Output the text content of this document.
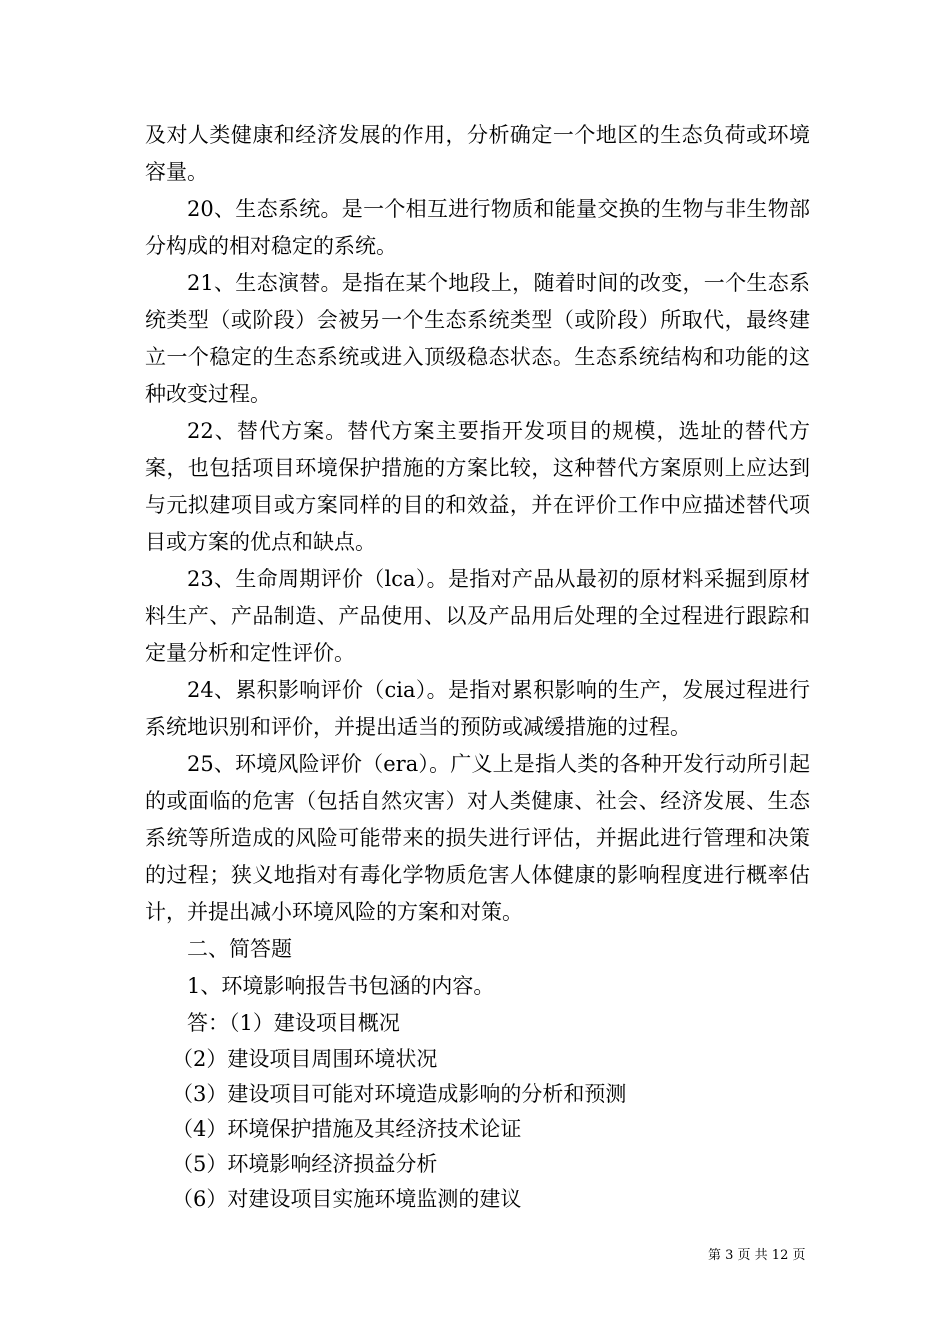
及对人类健康和经济发展的作用，分析确定一个地区的生态负荷或环境容量。

20、生态系统。是一个相互进行物质和能量交换的生物与非生物部分构成的相对稳定的系统。

21、生态演替。是指在某个地段上，随着时间的改变，一个生态系统类型（或阶段）会被另一个生态系统类型（或阶段）所取代，最终建立一个稳定的生态系统或进入顶级稳态状态。生态系统结构和功能的这种改变过程。

22、替代方案。替代方案主要指开发项目的规模，选址的替代方案，也包括项目环境保护措施的方案比较，这种替代方案原则上应达到与元拟建项目或方案同样的目的和效益，并在评价工作中应描述替代项目或方案的优点和缺点。

23、生命周期评价（lca）。是指对产品从最初的原材料采掘到原材料生产、产品制造、产品使用、以及产品用后处理的全过程进行跟踪和定量分析和定性评价。

24、累积影响评价（cia）。是指对累积影响的生产，发展过程进行系统地识别和评价，并提出适当的预防或减缓措施的过程。

25、环境风险评价（era）。广义上是指人类的各种开发行动所引起的或面临的危害（包括自然灾害）对人类健康、社会、经济发展、生态系统等所造成的风险可能带来的损失进行评估，并据此进行管理和决策的过程；狭义地指对有毒化学物质危害人体健康的影响程度进行概率估计，并提出减小环境风险的方案和对策。

二、简答题

1、环境影响报告书包涵的内容。

答：（1）建设项目概况

（2）建设项目周围环境状况

（3）建设项目可能对环境造成影响的分析和预测

（4）环境保护措施及其经济技术论证

（5）环境影响经济损益分析

（6）对建设项目实施环境监测的建议

第 3 页 共 12 页
